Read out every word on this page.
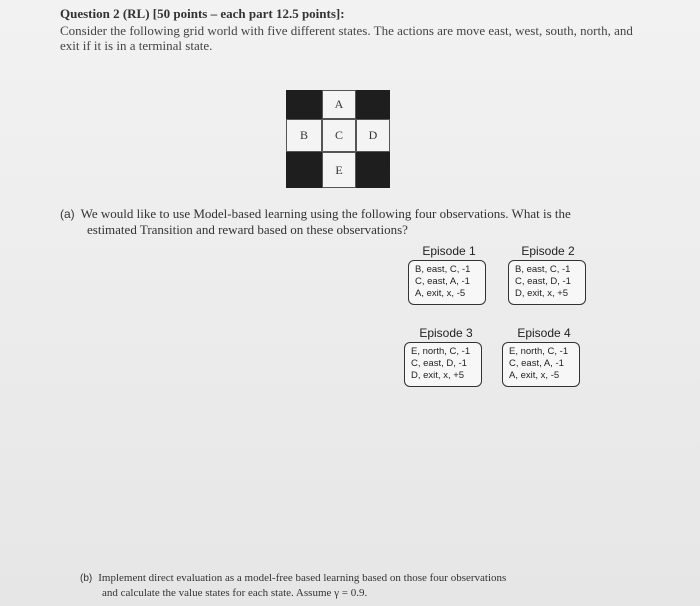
Question 2 (RL) [50 points – each part 12.5 points]:
Consider the following grid world with five different states. The actions are move east, west, south, north, and exit if it is in a terminal state.
A
B	C	D
E
(a) We would like to use Model-based learning using the following four observations. What is the
estimated Transition and reward based on these observations?
Episode 1
B, east, C, -1
C, east, A, -1
A, exit, x, -5
Episode 2
B, east, C, -1
C, east, D, -1
D, exit, x, +5
Episode 3
E, north, C, -1
C, east, D, -1
D, exit, x, +5
Episode 4
E, north, C, -1
C, east, A, -1
A, exit, x, -5
(b) Implement direct evaluation as a model-free based learning based on those four observations
and calculate the value states for each state. Assume γ = 0.9.
